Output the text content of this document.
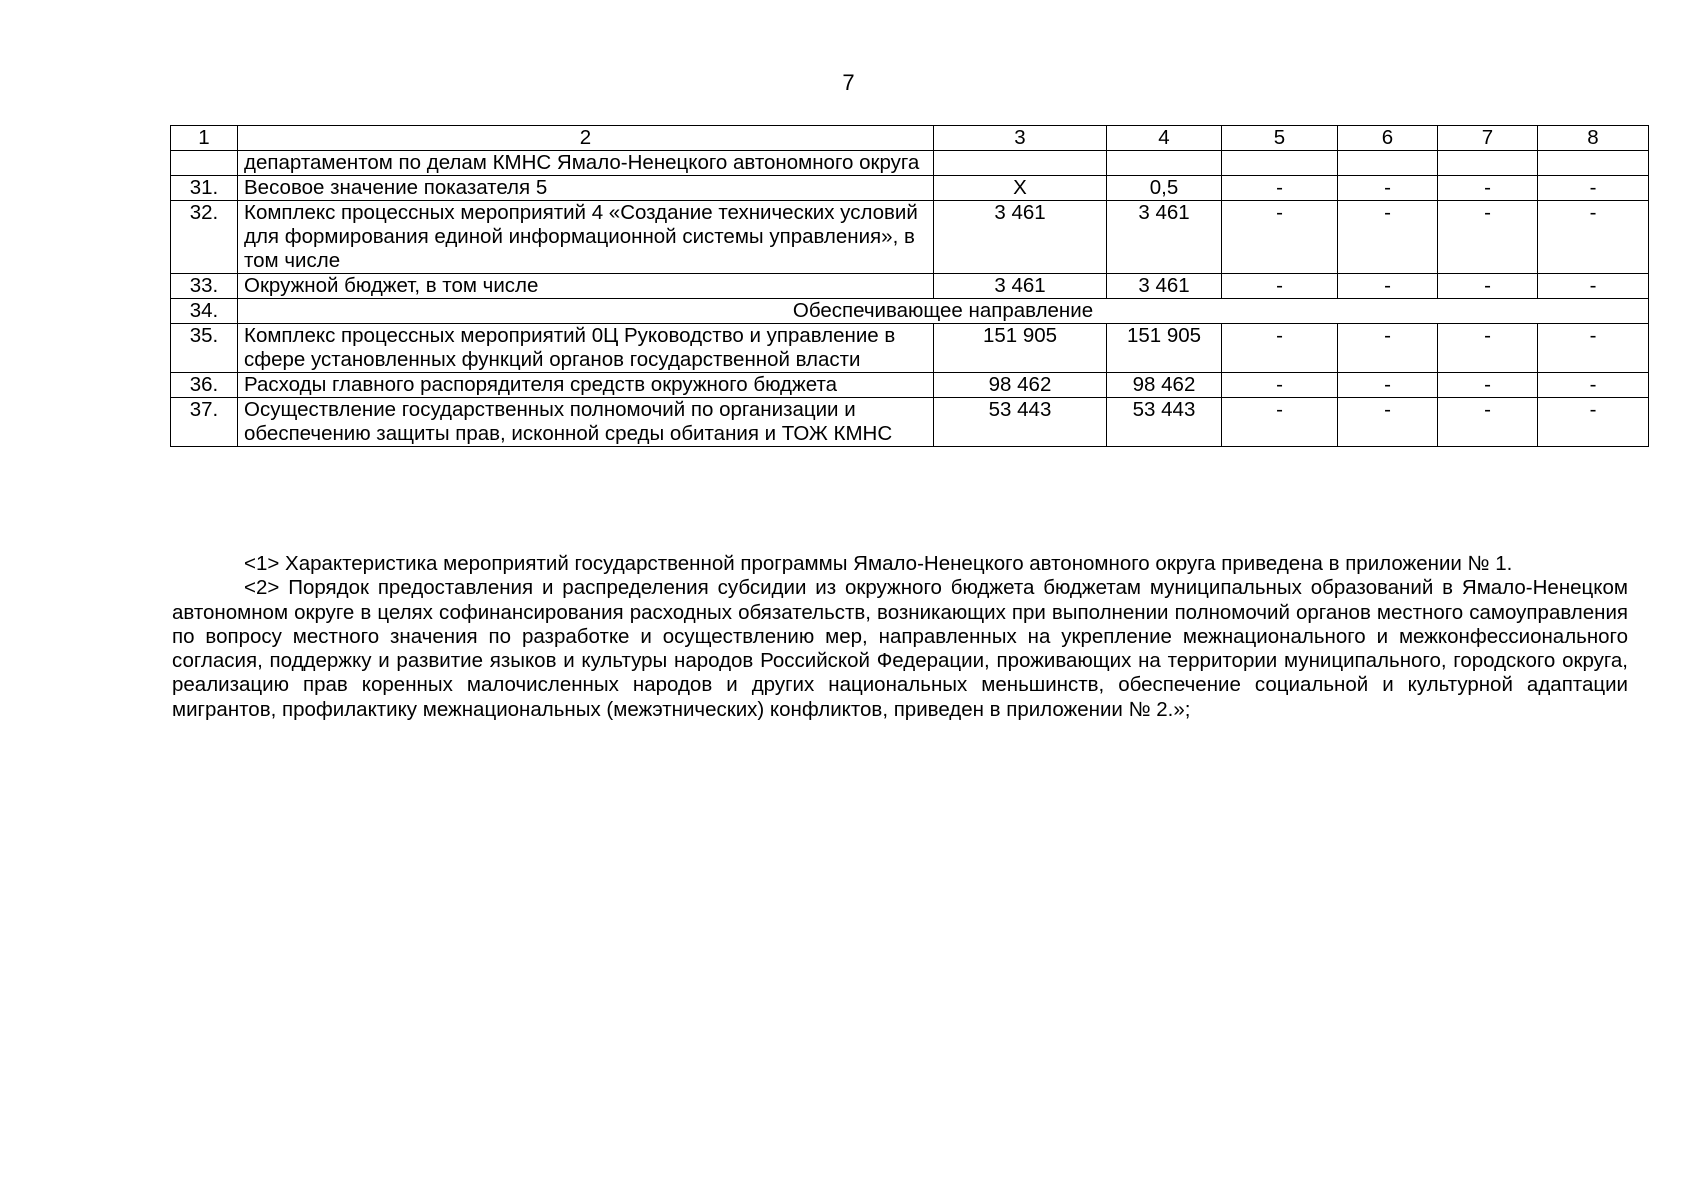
7
1	2	3	4	5	6	7	8
	департаментом по делам КМНС Ямало-Ненецкого автономного округа						
31.	Весовое значение показателя 5	X	0,5	-	-	-	-
32.	Комплекс процессных мероприятий 4 «Создание технических условий для формирования единой информационной системы управления», в том числе	3 461	3 461	-	-	-	-
33.	Окружной бюджет, в том числе	3 461	3 461	-	-	-	-
34.	Обеспечивающее направление						
35.	Комплекс процессных мероприятий 0Ц Руководство и управление в сфере установленных функций органов государственной власти	151 905	151 905	-	-	-	-
36.	Расходы главного распорядителя средств окружного бюджета	98 462	98 462	-	-	-	-
37.	Осуществление государственных полномочий по организации и обеспечению защиты прав, исконной среды обитания и ТОЖ КМНС	53 443	53 443	-	-	-	-

<1> Характеристика мероприятий государственной программы Ямало-Ненецкого автономного округа приведена в приложении № 1.

<2> Порядок предоставления и распределения субсидии из окружного бюджета бюджетам муниципальных образований в Ямало-Ненецком автономном округе в целях софинансирования расходных обязательств, возникающих при выполнении полномочий органов местного самоуправления по вопросу местного значения по разработке и осуществлению мер, направленных на укрепление межнационального и межконфессионального согласия, поддержку и развитие языков и культуры народов Российской Федерации, проживающих на территории муниципального, городского округа, реализацию прав коренных малочисленных народов и других национальных меньшинств, обеспечение социальной и культурной адаптации мигрантов, профилактику межнациональных (межэтнических) конфликтов, приведен в приложении № 2.»;
